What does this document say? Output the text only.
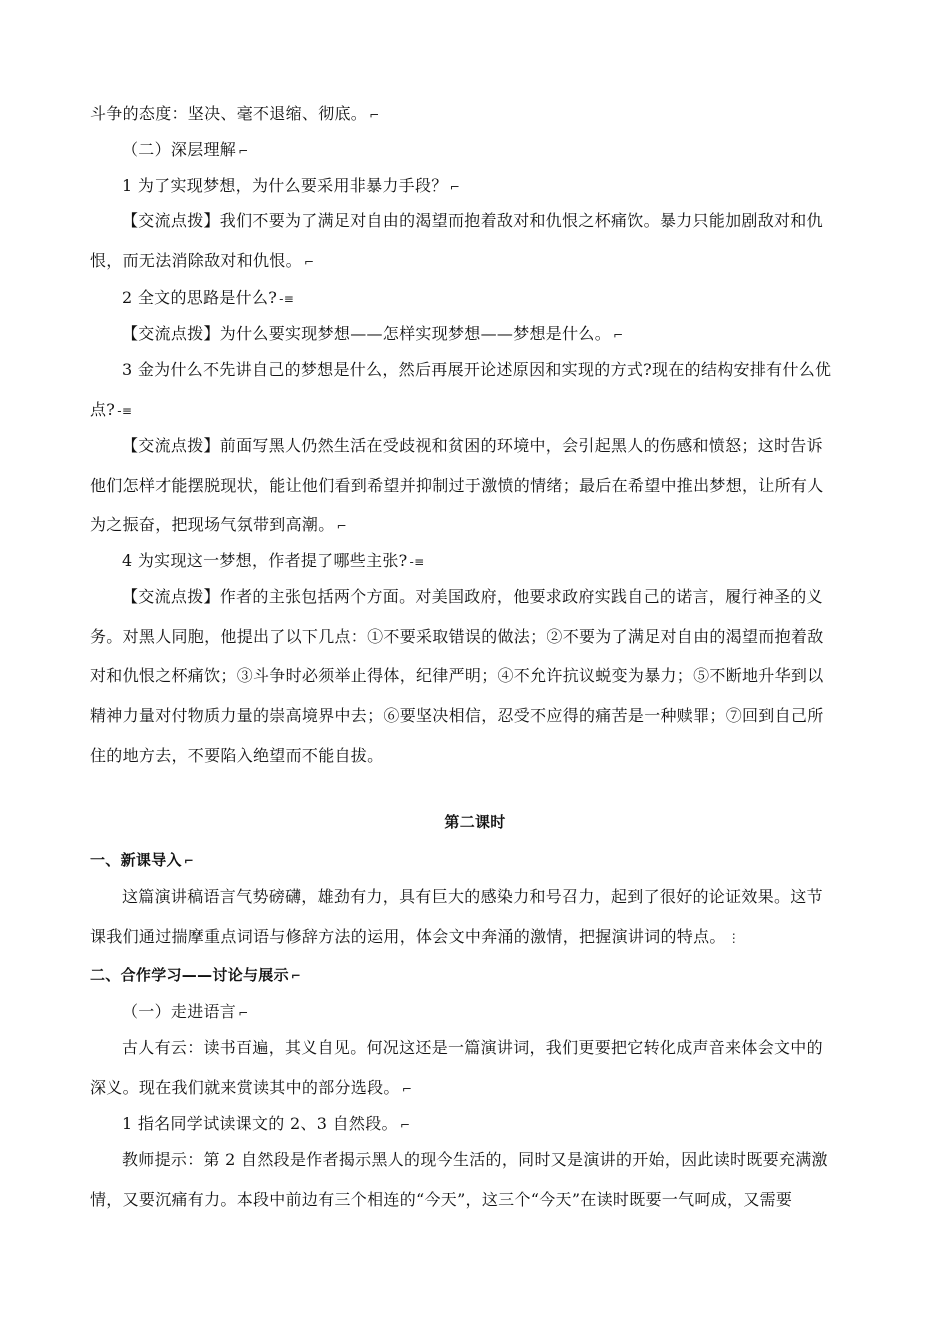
斗争的态度：坚决、毫不退缩、彻底。 ⌐
（二）深层理解 ⌐
1 为了实现梦想，为什么要采用非暴力手段？ ⌐
【交流点拨】我们不要为了满足对自由的渴望而抱着敌对和仇恨之杯痛饮。暴力只能加剧敌对和仇
恨，而无法消除敌对和仇恨。 ⌐
2 全文的思路是什么? -≡
【交流点拨】为什么要实现梦想——怎样实现梦想——梦想是什么。 ⌐
3 金为什么不先讲自己的梦想是什么，然后再展开论述原因和实现的方式?现在的结构安排有什么优
点? -≡
【交流点拨】前面写黑人仍然生活在受歧视和贫困的环境中，会引起黑人的伤感和愤怒；这时告诉
他们怎样才能摆脱现状，能让他们看到希望并抑制过于激愤的情绪；最后在希望中推出梦想，让所有人
为之振奋，把现场气氛带到高潮。 ⌐
4 为实现这一梦想，作者提了哪些主张? -≡
【交流点拨】作者的主张包括两个方面。对美国政府，他要求政府实践自己的诺言，履行神圣的义
务。对黑人同胞，他提出了以下几点：①不要采取错误的做法；②不要为了满足对自由的渴望而抱着敌
对和仇恨之杯痛饮；③斗争时必须举止得体，纪律严明；④不允许抗议蜕变为暴力；⑤不断地升华到以
精神力量对付物质力量的崇高境界中去；⑥要坚决相信，忍受不应得的痛苦是一种赎罪；⑦回到自己所
住的地方去，不要陷入绝望而不能自拔。
第二课时
一、新课导入 ⌐
这篇演讲稿语言气势磅礴，雄劲有力，具有巨大的感染力和号召力，起到了很好的论证效果。这节
课我们通过揣摩重点词语与修辞方法的运用，体会文中奔涌的激情，把握演讲词的特点。 ⋮
二、合作学习——讨论与展示 ⌐
（一）走进语言 ⌐
古人有云：读书百遍，其义自见。何况这还是一篇演讲词，我们更要把它转化成声音来体会文中的
深义。现在我们就来赏读其中的部分选段。 ⌐
1 指名同学试读课文的 2、3 自然段。 ⌐
教师提示：第 2 自然段是作者揭示黑人的现今生活的，同时又是演讲的开始，因此读时既要充满激
情，又要沉痛有力。本段中前边有三个相连的“今天”，这三个“今天”在读时既要一气呵成，又需要
